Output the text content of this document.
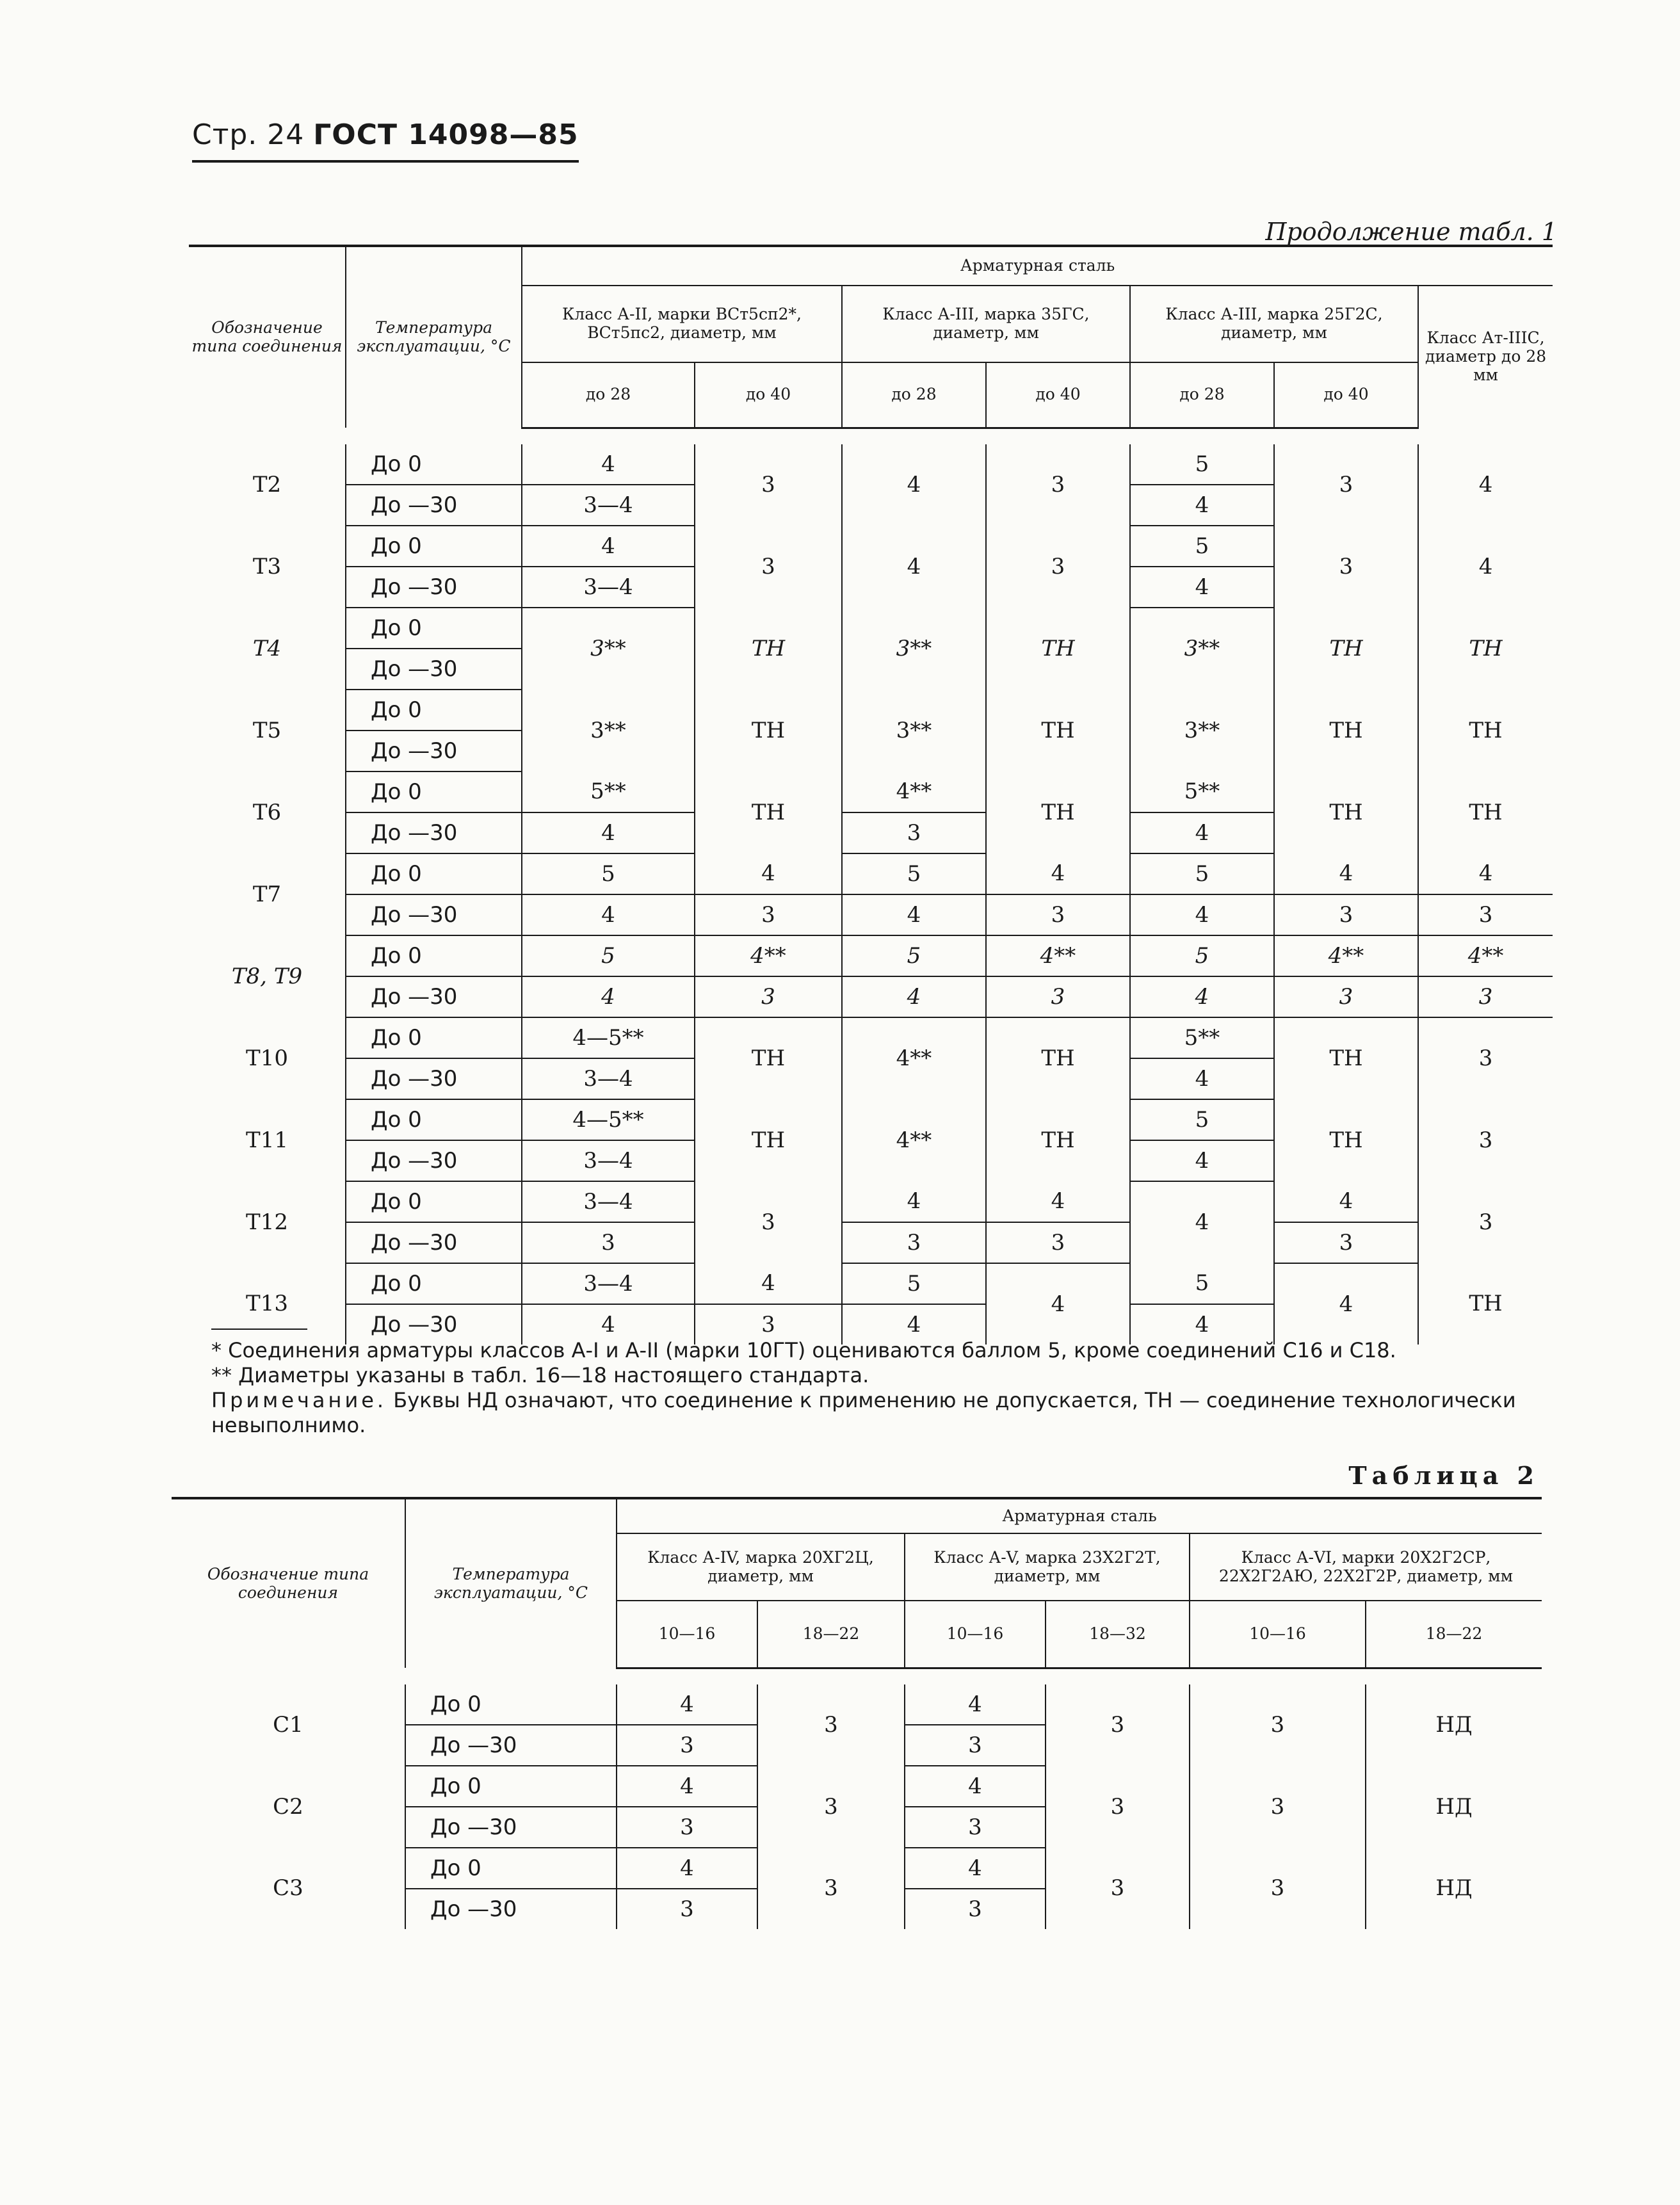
Стр. 24 ГОСТ 14098—85
Продолжение табл. 1
Обозначение типа соединения	Температура эксплуатации, °С	Арматурная сталь						
		Класс А-II, марки ВСт5сп2*, ВСт5пс2, диаметр, мм		Класс А-III, марка 35ГС, диаметр, мм		Класс А-III, марка 25Г2С, диаметр, мм		Класс Ат-IIIС, диаметр до 28 мм
		до 28	до 40	до 28	до 40	до 28	до 40	

Т2	До 0	4	3	4	3	5	3	4
	До —30	3—4				4		
Т3	До 0	4	3	4	3	5	3	4
	До —30	3—4				4		
Т4	До 0	3**	ТН	3**	ТН	3**	ТН	ТН
	До —30							
Т5	До 0	3**	ТН	3**	ТН	3**	ТН	ТН
	До —30							
Т6	До 0	5**	ТН	4**	ТН	5**	ТН	ТН
	До —30	4		3		4		
Т7	До 0	5	4	5	4	5	4	4
	До —30	4	3	4	3	4	3	3
Т8, Т9	До 0	5	4**	5	4**	5	4**	4**
	До —30	4	3	4	3	4	3	3
Т10	До 0	4—5**	ТН	4**	ТН	5**	ТН	3
	До —30	3—4				4		
Т11	До 0	4—5**	ТН	4**	ТН	5	ТН	3
	До —30	3—4				4		
Т12	До 0	3—4	3	4	4	4	4	3
	До —30	3		3	3		3	
Т13	До 0	3—4	4	5	4	5	4	ТН
	До —30	4	3	4		4		

* Соединения арматуры классов А-I и А-II (марки 10ГТ) оцениваются баллом 5, кроме соединений С16 и С18.

** Диаметры указаны в табл. 16—18 настоящего стандарта.

Примечание. Буквы НД означают, что соединение к применению не допускается, ТН — соединение технологически невыполнимо.

Таблица 2
Обозначение типа соединения	Температура эксплуатации, °С	Арматурная сталь					
		Класс А-IV, марка 20ХГ2Ц, диаметр, мм		Класс А-V, марка 23Х2Г2Т, диаметр, мм		Класс А-VI, марки 20Х2Г2СР, 22Х2Г2АЮ, 22Х2Г2Р, диаметр, мм	
		10—16	18—22	10—16	18—32	10—16	18—22

С1	До 0	4	3	4	3	3	НД
	До —30	3		3			
С2	До 0	4	3	4	3	3	НД
	До —30	3		3			
С3	До 0	4	3	4	3	3	НД
	До —30	3		3			
